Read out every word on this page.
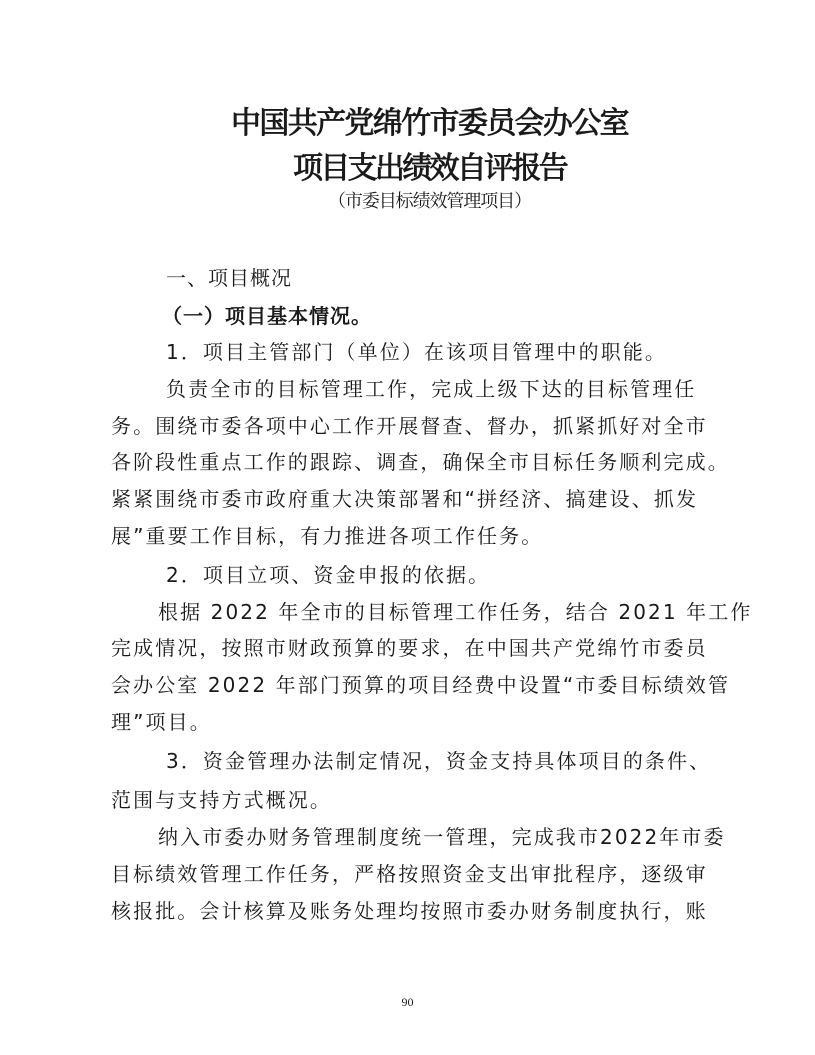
中国共产党绵竹市委员会办公室
项目支出绩效自评报告
（市委目标绩效管理项目）
一、项目概况
（一）项目基本情况。
1．项目主管部门（单位）在该项目管理中的职能。
负责全市的目标管理工作，完成上级下达的目标管理任
务。围绕市委各项中心工作开展督查、督办，抓紧抓好对全市
各阶段性重点工作的跟踪、调查，确保全市目标任务顺利完成。
紧紧围绕市委市政府重大决策部署和“拼经济、搞建设、抓发
展”重要工作目标，有力推进各项工作任务。
2．项目立项、资金申报的依据。
根据 2022 年全市的目标管理工作任务，结合 2021 年工作
完成情况，按照市财政预算的要求，在中国共产党绵竹市委员
会办公室 2022 年部门预算的项目经费中设置“市委目标绩效管
理”项目。
3．资金管理办法制定情况，资金支持具体项目的条件、
范围与支持方式概况。
纳入市委办财务管理制度统一管理，完成我市2022年市委
目标绩效管理工作任务，严格按照资金支出审批程序，逐级审
核报批。会计核算及账务处理均按照市委办财务制度执行，账
90
